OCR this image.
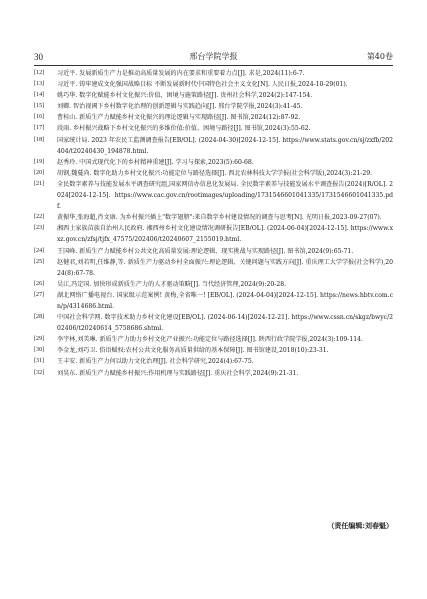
30	邢台学院学报	第40卷
[12]	习近平. 发展新质生产力是推动高质量发展的内在要求和重要着力点[J]. 求是,2024(11):6-7.
[13]	习近平. 铸牢建成文化强国战略目标 不断发展新时代中国特色社会主义文化[N]. 人民日报,2024-10-29(01).
[14]	姚巧华. 数字化赋能乡村文化振兴:价值、困境与施策路径[J]. 贵州社会科学,2024(2):147-154.
[15]	刘卿. 智治视阈下乡村数字化治理的创新逻辑与实践趋向[J]. 邢台学院学报,2024(3):41-45.
[16]	曹桂山. 新质生产力赋能乡村文化振兴的理论逻辑与实现路径[J]. 图书馆,2024(12):87-92.
[17]	段雨. 乡村振兴战略下乡村文化振兴的多维价值:价值、困境与路径[J]. 图书馆,2024(3):55-62.
[18]	国家统计局. 2023 年农民工监测调查报告[EB/OL]. (2024-04-30)[2024-12-15]. https://www.stats.gov.cn/sj/zxfb/202404/t20240430_194878.html.
[19]	赵秀玲. 中国式现代化下的乡村精神重建[J]. 学习与探索,2023(5):60-68.
[20]	胡钢,魏蔓尚. 数字化助力乡村文化振兴:功能定位与路径选择[J]. 西北农林科技大学学报(社会科学版),2024(3):21-29.
[21]	全民数字素养与技能发展水平调查研究组,国家网信办信息化发展局. 全民数字素养与技能发展水平调查报告(2024)[R/OL]. 2024[2024-12-15]. https://www.cac.gov.cn/rootimages/uploading/1731546601041335/1731546601041335.pdf.
[22]	黄振华,张海超,肖文康. 为乡村振兴插上"数字翅膀":来自数字乡村建设情况的调查与思考[N]. 光明日报,2023-09-27(07).
[23]	湘西土家族苗族自治州人民政府. 湘西州乡村文化建设情况调研报告[EB/OL]. (2024-06-04)[2024-12-15]. https://www.xxz.gov.cn/zfsj/tjfx_47575/202406/t20240607_2155019.html.
[24]	王国峰. 新质生产力赋能乡村公共文化高质量发展:理论逻辑、现实挑战与实现路径[J]. 图书馆,2024(9):65-71.
[25]	赵健君,刘若明,任维静,等. 新质生产力驱动乡村全面振兴:理论逻辑、关键问题与实践方向[J]. 重庆理工大学学报(社会科学),2024(8):67-78.
[26]	吴江,冯定国. 加快形成新质生产力的人才驱动策略[J]. 当代经济管理,2024(9):20-28.
[27]	湖北网络广播电视台. 国家级示范案例! 黄梅,全省唯一! [EB/OL]. (2024-04-04)[2024-12-15]. https://news.hbtv.com.cn/p/4314686.html.
[28]	中国社会科学网. 数字技术助力乡村文化建设[EB/OL]. (2024-06-14)[2024-12-21]. https://www.cssn.cn/skgz/bwyc/202406/t20240614_5758686.shtml.
[29]	李宇林,刘美琳. 新质生产力助力乡村文化产业振兴:功能定位与路径选择[J]. 陕西行政学院学报,2024(3):109-114.
[30]	李金龙,刘巧卫. 俗语赋权:农村公共文化服务高质量供给的基本保障[J]. 图书馆建设,2018(10):23-31.
[31]	王丰安. 新质生产力何以助力文化治理[J]. 社会科学研究,2024(4):67-75.
[32]	刘昊东. 新质生产力赋能乡村振兴:作用机理与实践路径[J]. 重庆社会科学,2024(9):21-31.
（责任编辑:刘春魁）
